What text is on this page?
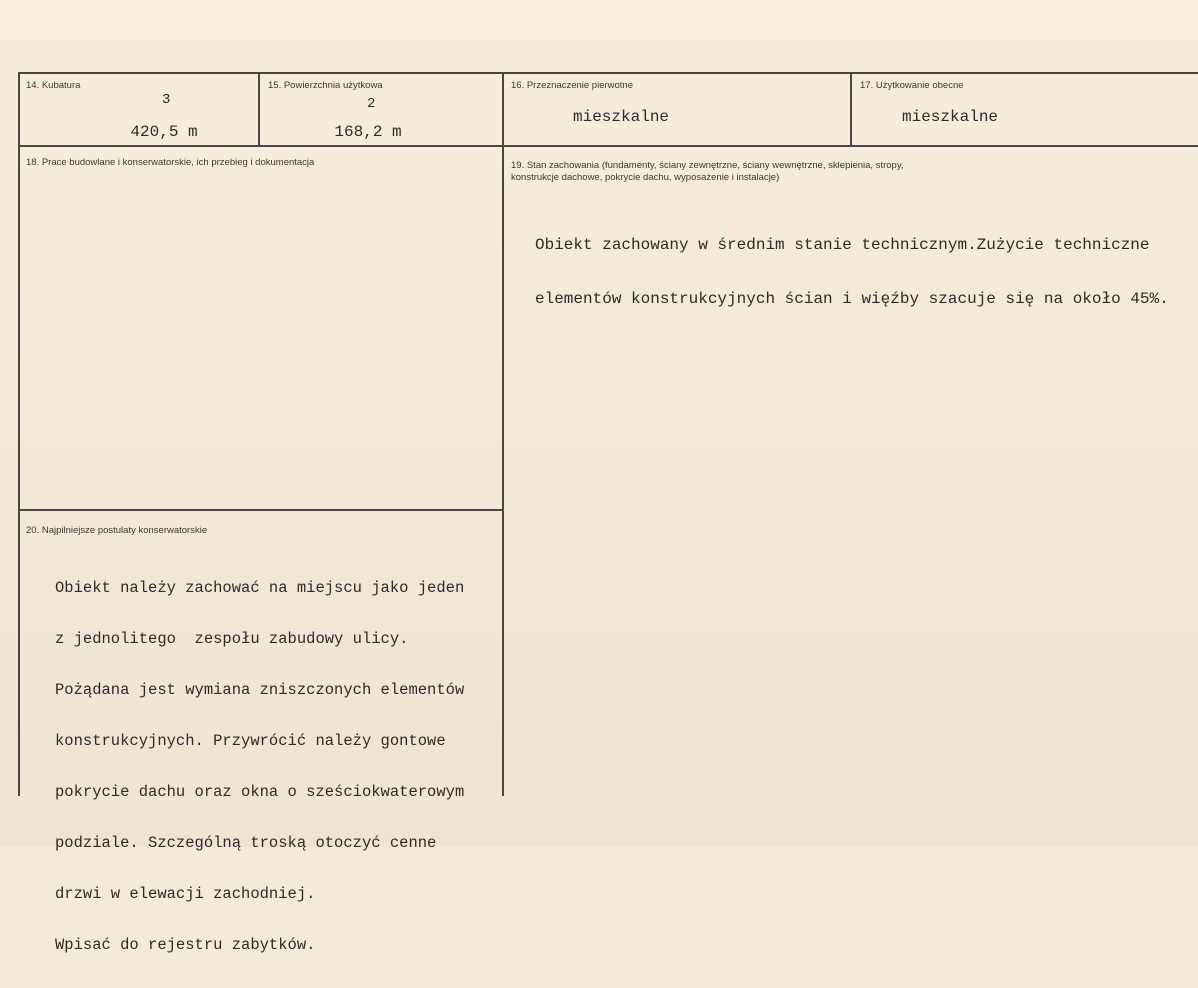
14. Kubatura

420,5 m

3
15. Powierzchnia użytkowa

168,2 m

2
16. Przeznaczenie pierwotne
mieszkalne
17. Użytkowanie obecne
mieszkalne
18. Prace budowlane i konserwatorskie, ich przebieg i dokumentacja	19. Stan zachowania (fundamenty, ściany zewnętrzne, ściany wewnętrzne, sklepienia, stropy,
konstrukcje dachowe, pokrycie dachu, wyposażenie i instalacje)

Obiekt zachowany w średnim stanie technicznym.Zużycie techniczne

elementów konstrukcyjnych ścian i więźby szacuje się na około 45%.

20. Najpilniejsze postulaty konserwatorskie

Obiekt należy zachować na miejscu jako jeden

z jednolitego  zespołu zabudowy ulicy.

Pożądana jest wymiana zniszczonych elementów

konstrukcyjnych. Przywrócić należy gontowe

pokrycie dachu oraz okna o sześciokwaterowym

podziale. Szczególną troską otoczyć cenne

drzwi w elewacji zachodniej.

Wpisać do rejestru zabytków.
